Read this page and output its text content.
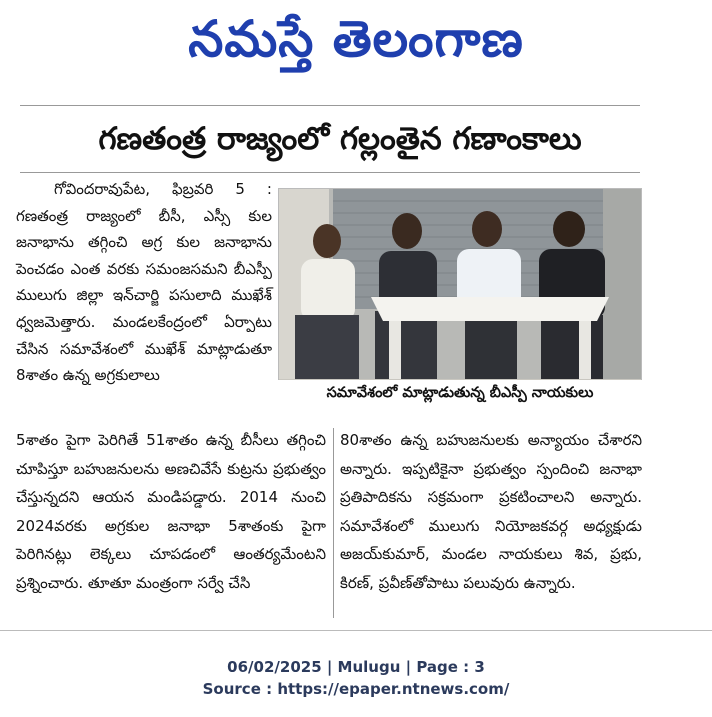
నమస్తే తెలంగాణ
గణతంత్ర రాజ్యంలో గల్లంతైన గణాంకాలు

గోవిందరావుపేట, ఫిబ్రవరి 5 : గణతంత్ర రాజ్యంలో బీసీ, ఎస్సీ కుల జనాభాను తగ్గించి అగ్ర కుల జనాభాను పెంచడం ఎంత వరకు సమంజసమని బీఎస్పీ ములుగు జిల్లా ఇన్‌చార్జి పసులాది ముఖేశ్ ధ్వజమెత్తారు. మండలకేంద్రంలో ఏర్పాటు చేసిన సమావేశంలో ముఖేశ్ మాట్లాడుతూ 8శాతం ఉన్న అగ్రకులాలు

సమావేశంలో మాట్లాడుతున్న బీఎస్పీ నాయకులు

5శాతం పైగా పెరిగితే 51శాతం ఉన్న బీసీలు తగ్గించి చూపిస్తూ బహుజనులను అణచివేసే కుట్రను ప్రభుత్వం చేస్తున్నదని ఆయన మండిపడ్డారు. 2014 నుంచి 2024వరకు అగ్రకుల జనాభా 5శాతంకు పైగా పెరిగినట్లు లెక్కలు చూపడంలో ఆంతర్యమేంటని ప్రశ్నించారు. తూతూ మంత్రంగా సర్వే చేసి

80శాతం ఉన్న బహుజనులకు అన్యాయం చేశారని అన్నారు. ఇప్పటికైనా ప్రభుత్వం స్పందించి జనాభా ప్రతిపాదికను సక్రమంగా ప్రకటించాలని అన్నారు. సమావేశంలో ములుగు నియోజకవర్గ అధ్యక్షుడు అజయ్‌కుమార్, మండల నాయకులు శివ, ప్రభు, కిరణ్, ప్రవీణ్‌తోపాటు పలువురు ఉన్నారు.

06/02/2025 | Mulugu | Page : 3
Source : https://epaper.ntnews.com/
